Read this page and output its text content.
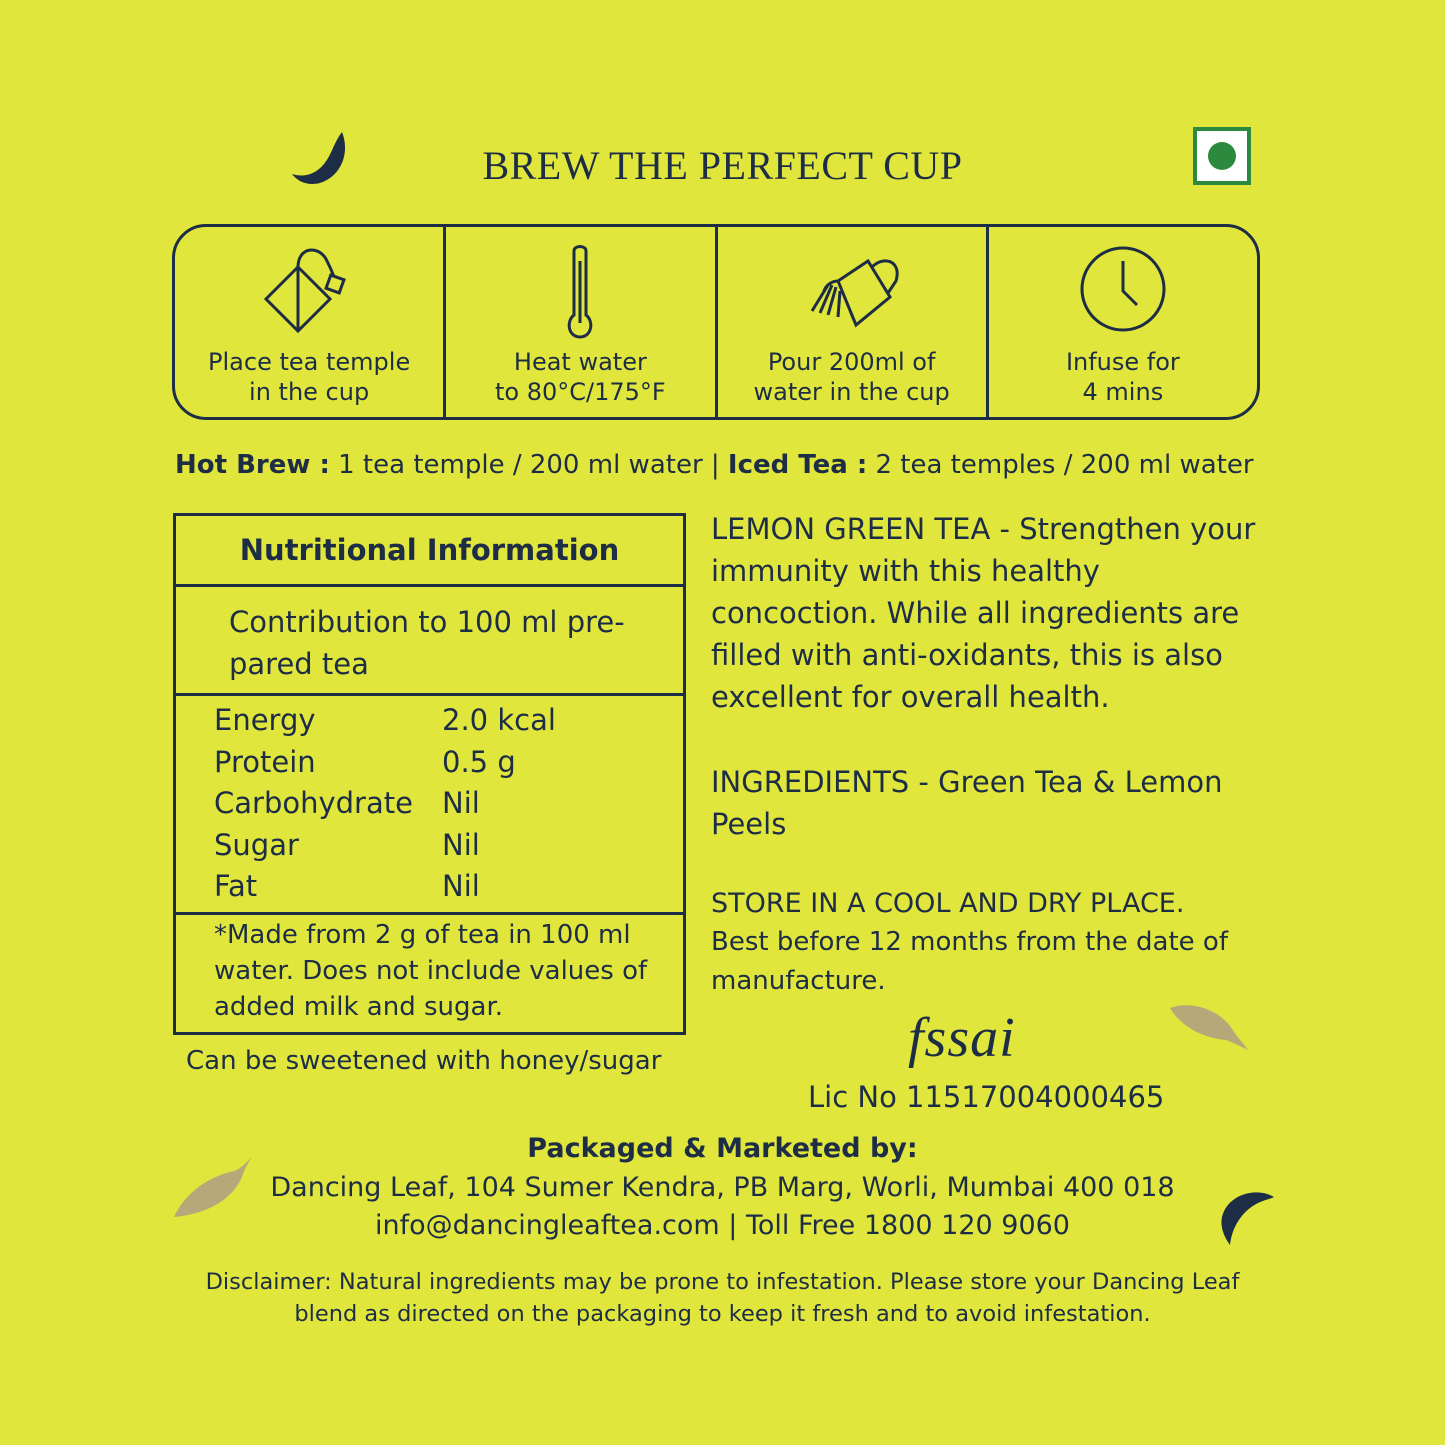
BREW THE PERFECT CUP
Place tea temple
in the cup
Heat water
to 80°C/175°F
Pour 200ml of
water in the cup
Infuse for
4 mins
Hot Brew : 1 tea temple / 200 ml water | Iced Tea : 2 tea temples / 200 ml water
Nutritional Information
Contribution to 100 ml pre-pared tea
Energy	2.0 kcal
Protein	0.5 g
Carbohydrate	Nil
Sugar	Nil
Fat	Nil
*Made from 2 g of tea in 100 ml water. Does not include values of added milk and sugar.
Can be sweetened with honey/sugar
LEMON GREEN TEA - Strengthen your immunity with this healthy concoction. While all ingredients are filled with anti-oxidants, this is also excellent for overall health.
INGREDIENTS - Green Tea & Lemon Peels
STORE IN A COOL AND DRY PLACE.
Best before 12 months from the date of manufacture.
fssai
Lic No 11517004000465
Packaged & Marketed by:
Dancing Leaf, 104 Sumer Kendra, PB Marg, Worli, Mumbai 400 018
info@dancingleaftea.com | Toll Free 1800 120 9060
Disclaimer: Natural ingredients may be prone to infestation. Please store your Dancing Leaf blend as directed on the packaging to keep it fresh and to avoid infestation.
